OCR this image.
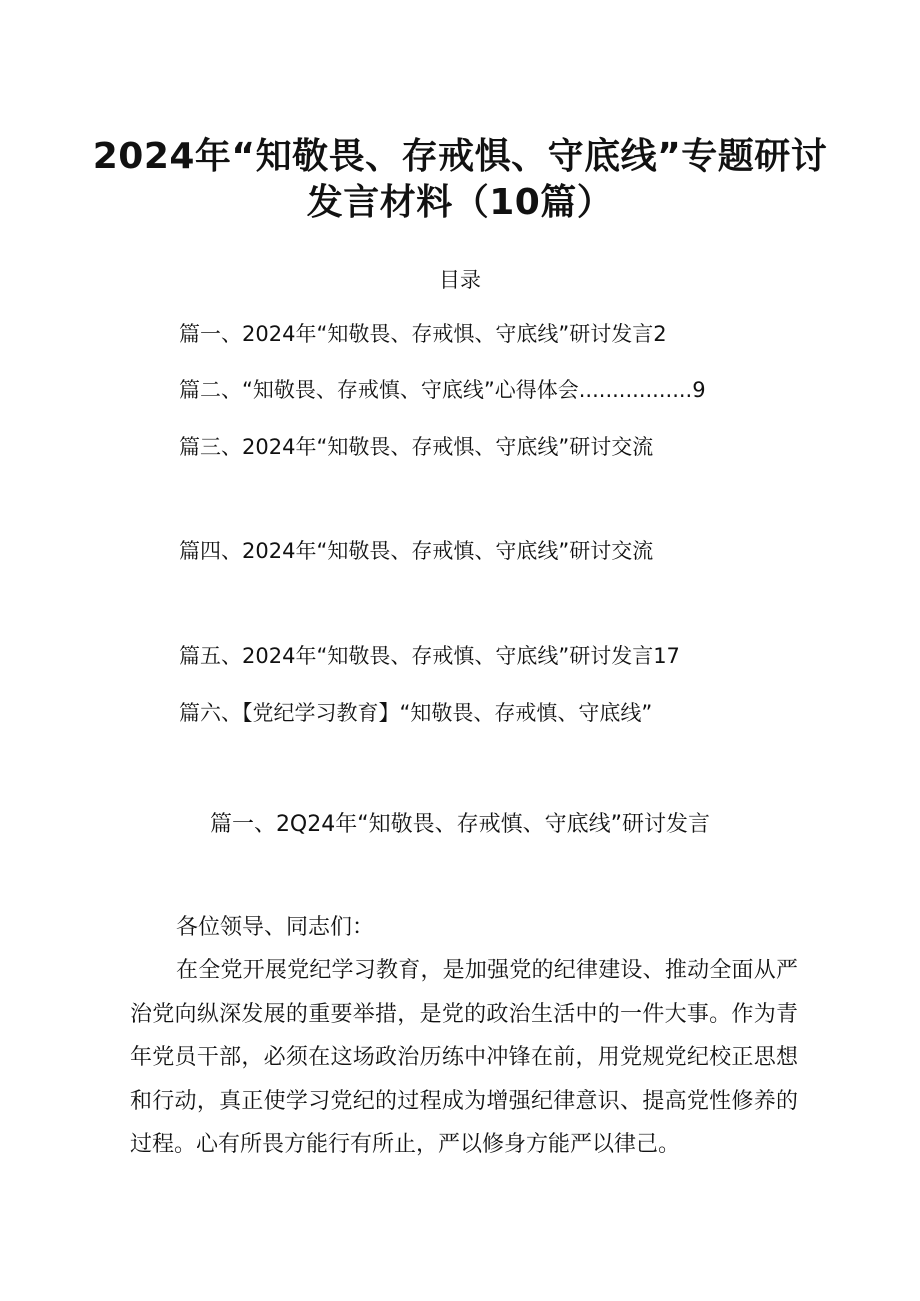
2024年“知敬畏、存戒惧、守底线”专题研讨
发言材料（10篇）
目录
篇一、2024年“知敬畏、存戒惧、守底线”研讨发言2
篇二、“知敬畏、存戒慎、守底线”心得体会.................9
篇三、2024年“知敬畏、存戒惧、守底线”研讨交流
篇四、2024年“知敬畏、存戒慎、守底线”研讨交流
篇五、2024年“知敬畏、存戒慎、守底线”研讨发言17
篇六、【党纪学习教育】“知敬畏、存戒慎、守底线”
篇一、2Q24年“知敬畏、存戒慎、守底线”研讨发言

各位领导、同志们：

在全党开展党纪学习教育，是加强党的纪律建设、推动全面从严治党向纵深发展的重要举措，是党的政治生活中的一件大事。作为青年党员干部，必须在这场政治历练中冲锋在前，用党规党纪校正思想和行动，真正使学习党纪的过程成为增强纪律意识、提高党性修养的过程。心有所畏方能行有所止，严以修身方能严以律己。
